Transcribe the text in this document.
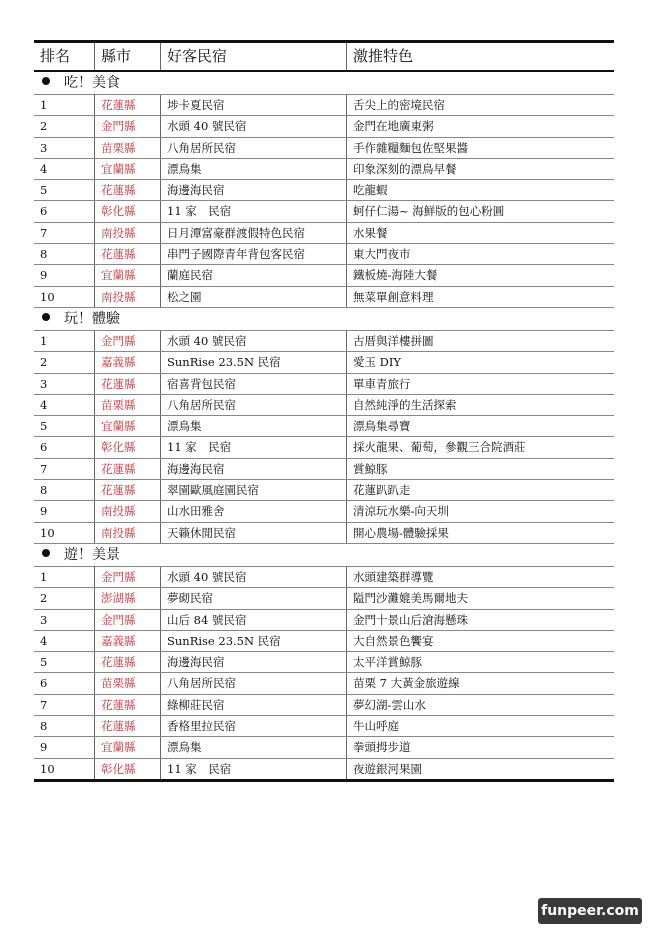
排名	縣市	好客民宿	激推特色
吃！美食
1	花蓮縣	埗卡夏民宿	舌尖上的密境民宿
2	金門縣	水頭 40 號民宿	金門在地廣東粥
3	苗栗縣	八角居所民宿	手作雜糧麵包佐堅果醬
4	宜蘭縣	漂鳥集	印象深刻的漂鳥早餐
5	花蓮縣	海邊海民宿	吃龍蝦
6	彰化縣	11 家　民宿	蚵仔仁湯~ 海鮮版的包心粉圓
7	南投縣	日月潭富豪群渡假特色民宿	水果餐
8	花蓮縣	串門子國際青年背包客民宿	東大門夜市
9	宜蘭縣	蘭庭民宿	鐵板燒-海陸大餐
10	南投縣	松之園	無菜單創意料理
玩！體驗
1	金門縣	水頭 40 號民宿	古厝與洋樓拼圖
2	嘉義縣	SunRise 23.5N 民宿	愛玉 DIY
3	花蓮縣	宿喜背包民宿	單車青旅行
4	苗栗縣	八角居所民宿	自然純淨的生活探索
5	宜蘭縣	漂鳥集	漂鳥集尋寶
6	彰化縣	11 家　民宿	採火龍果、葡萄，參觀三合院酒莊
7	花蓮縣	海邊海民宿	賞鯨豚
8	花蓮縣	翠園歐風庭園民宿	花蓮趴趴走
9	南投縣	山水田雅舍	清涼玩水樂-向天圳
10	南投縣	天籟休閒民宿	開心農場-體驗採果
遊！美景
1	金門縣	水頭 40 號民宿	水頭建築群導覽
2	澎湖縣	夢砌民宿	隘門沙灘媲美馬爾地夫
3	金門縣	山后 84 號民宿	金門十景山后滄海懸珠
4	嘉義縣	SunRise 23.5N 民宿	大自然景色饗宴
5	花蓮縣	海邊海民宿	太平洋賞鯨豚
6	苗栗縣	八角居所民宿	苗栗 7 大黃金旅遊線
7	花蓮縣	綠柳莊民宿	夢幻湖-雲山水
8	花蓮縣	香格里拉民宿	牛山呼庭
9	宜蘭縣	漂鳥集	拳頭拇步道
10	彰化縣	11 家　民宿	夜遊銀河果園
funpeer.com
